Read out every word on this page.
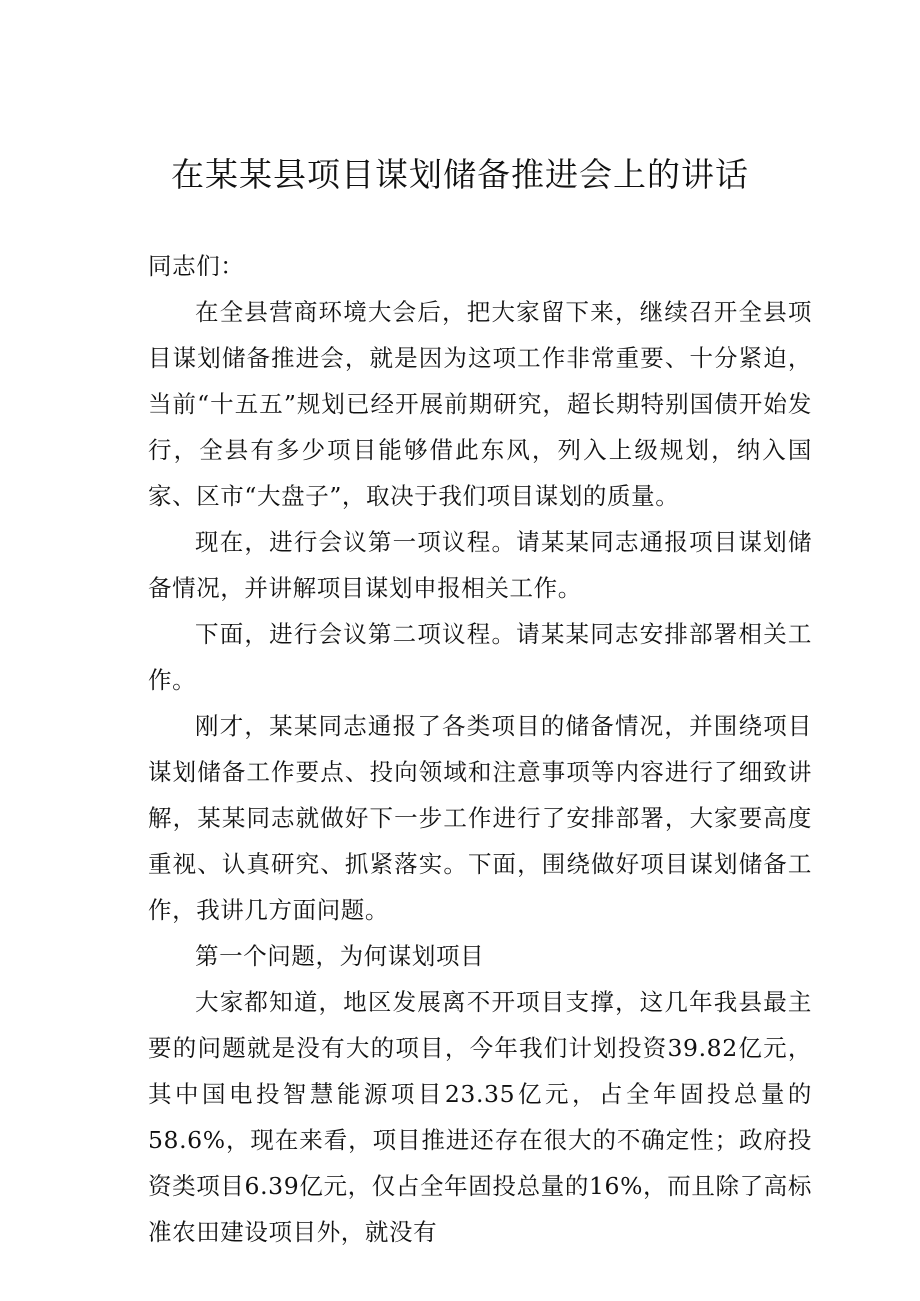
在某某县项目谋划储备推进会上的讲话

同志们：

在全县营商环境大会后，把大家留下来，继续召开全县项目谋划储备推进会，就是因为这项工作非常重要、十分紧迫，当前“十五五”规划已经开展前期研究，超长期特别国债开始发行，全县有多少项目能够借此东风，列入上级规划，纳入国家、区市“大盘子”，取决于我们项目谋划的质量。

现在，进行会议第一项议程。请某某同志通报项目谋划储备情况，并讲解项目谋划申报相关工作。

下面，进行会议第二项议程。请某某同志安排部署相关工作。

刚才，某某同志通报了各类项目的储备情况，并围绕项目谋划储备工作要点、投向领域和注意事项等内容进行了细致讲解，某某同志就做好下一步工作进行了安排部署，大家要高度重视、认真研究、抓紧落实。下面，围绕做好项目谋划储备工作，我讲几方面问题。

第一个问题，为何谋划项目

大家都知道，地区发展离不开项目支撑，这几年我县最主要的问题就是没有大的项目，今年我们计划投资39.82亿元，其中国电投智慧能源项目23.35亿元，占全年固投总量的58.6%，现在来看，项目推进还存在很大的不确定性；政府投资类项目6.39亿元，仅占全年固投总量的16%，而且除了高标准农田建设项目外，就没有
